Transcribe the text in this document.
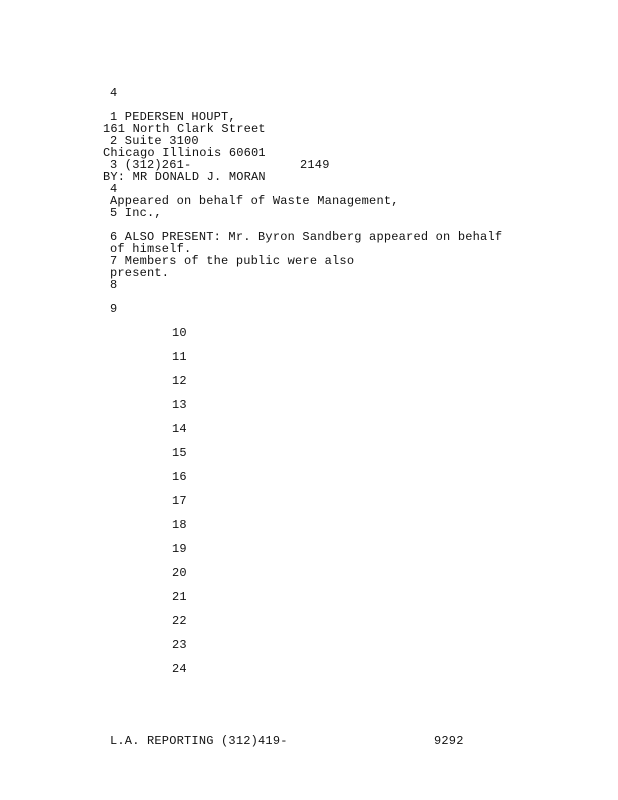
4
1 PEDERSEN HOUPT,
161 North Clark Street
2 Suite 3100
Chicago Illinois 60601
3 (312)261-	2149
BY: MR DONALD J. MORAN
4
Appeared on behalf of Waste Management,
5 Inc.,
6 ALSO PRESENT: Mr. Byron Sandberg appeared on behalf
of himself.
7 Members of the public were also
present.
8
9
10
11
12
13
14
15
16
17
18
19
20
21
22
23
24
L.A. REPORTING (312)419-	9292
